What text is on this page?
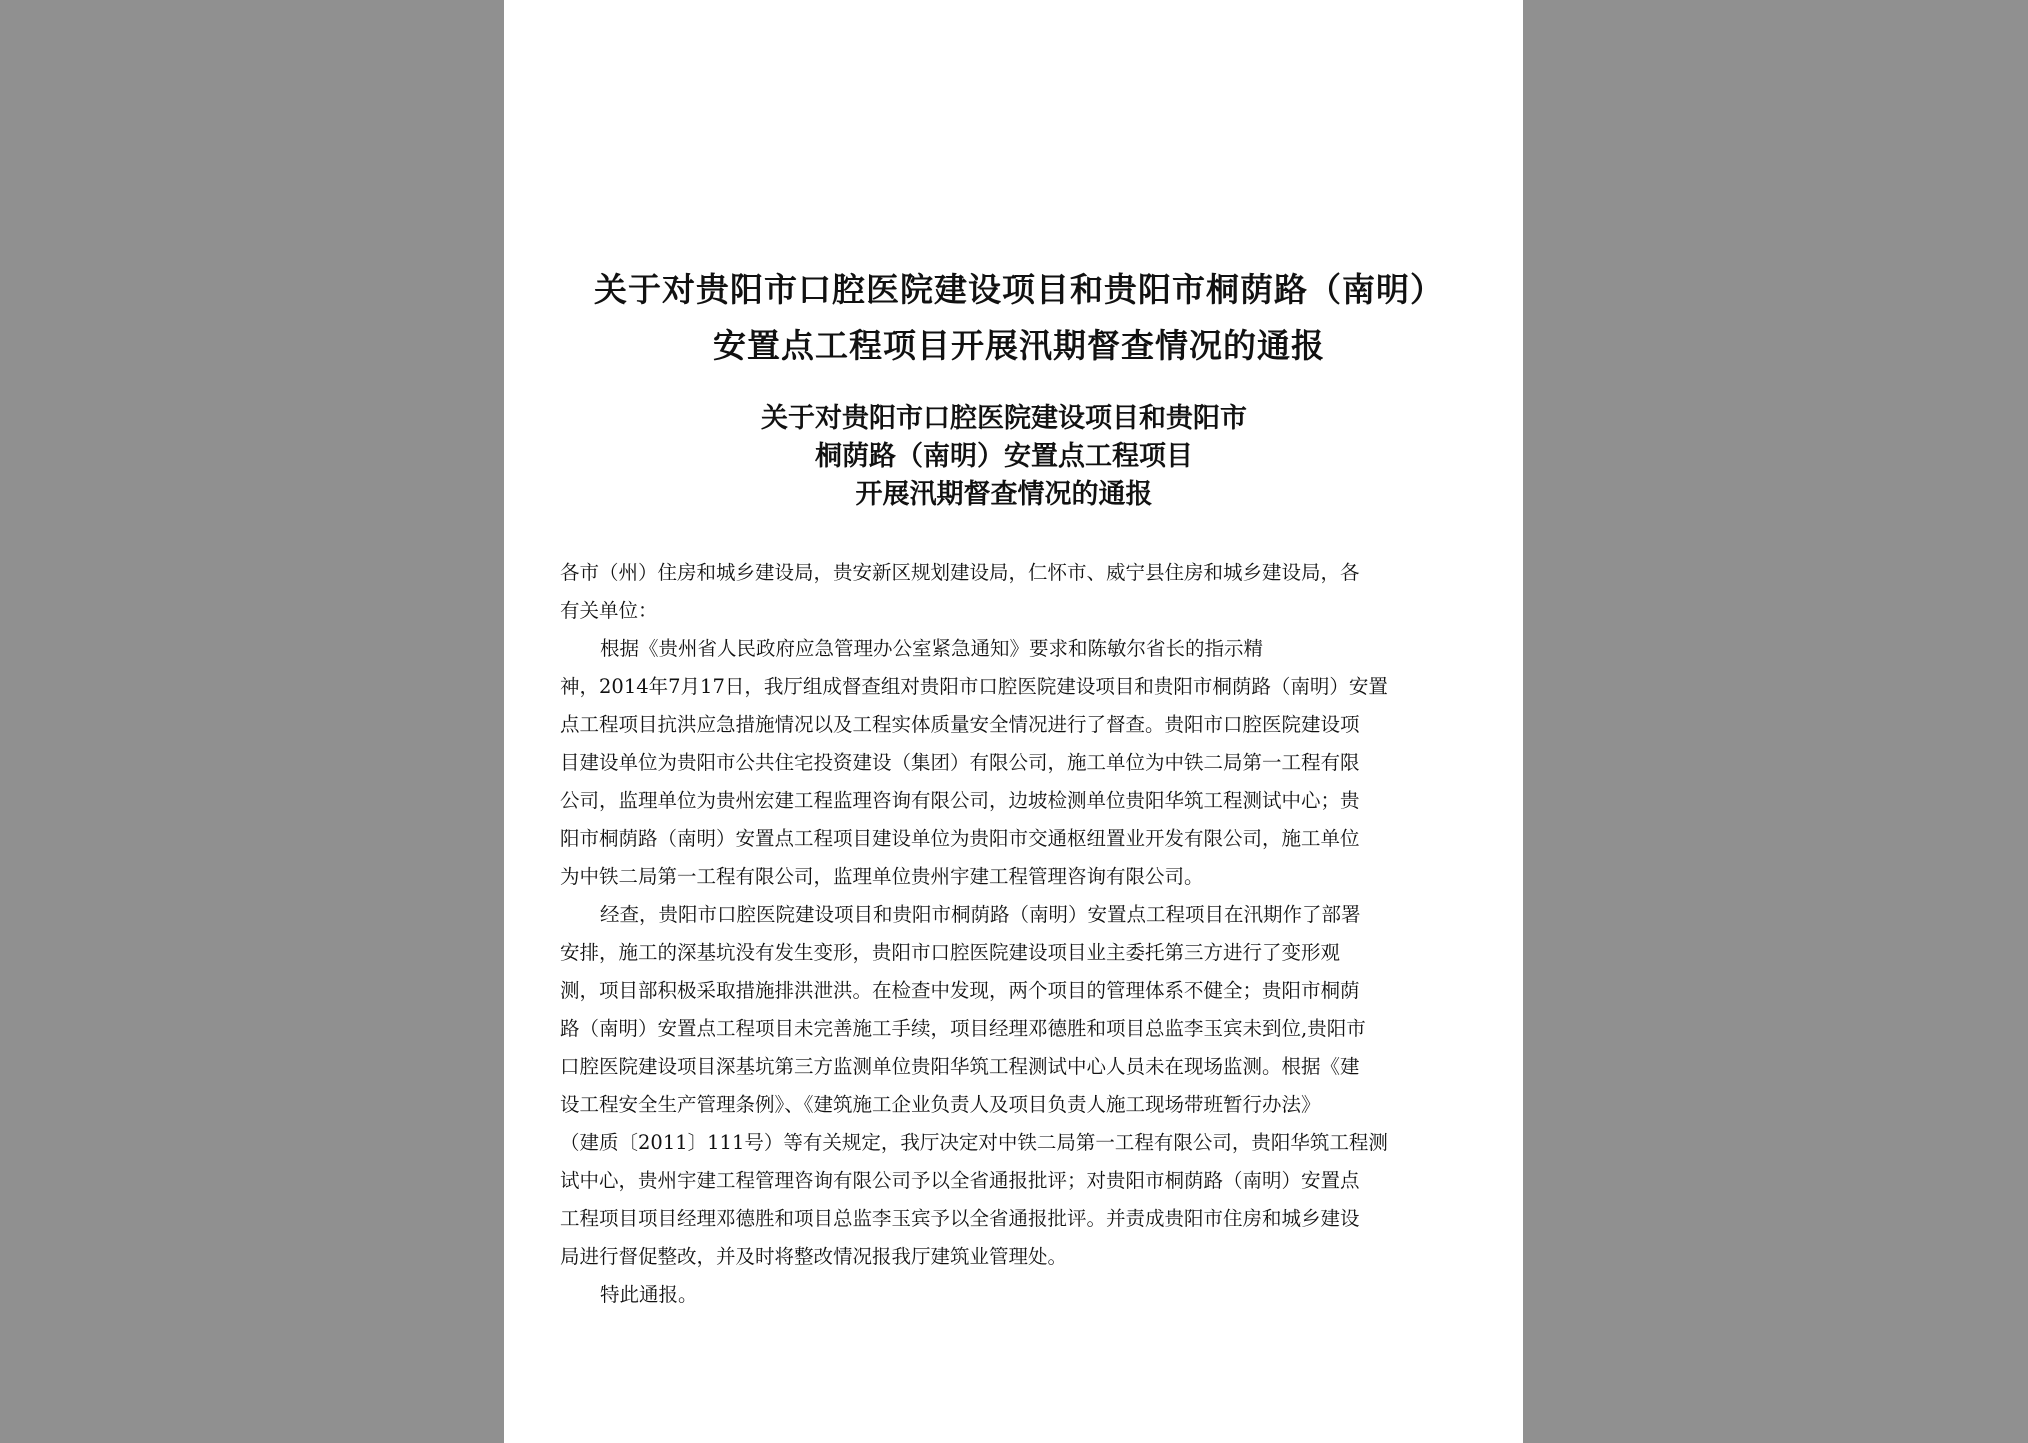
关于对贵阳市口腔医院建设项目和贵阳市桐荫路（南明）安置点工程项目开展汛期督查情况的通报
关于对贵阳市口腔医院建设项目和贵阳市
桐荫路（南明）安置点工程项目
开展汛期督查情况的通报
各市（州）住房和城乡建设局，贵安新区规划建设局，仁怀市、威宁县住房和城乡建设局，各
有关单位：
根据《贵州省人民政府应急管理办公室紧急通知》要求和陈敏尔省长的指示精
神，2014年7月17日，我厅组成督查组对贵阳市口腔医院建设项目和贵阳市桐荫路（南明）安置
点工程项目抗洪应急措施情况以及工程实体质量安全情况进行了督查。贵阳市口腔医院建设项
目建设单位为贵阳市公共住宅投资建设（集团）有限公司，施工单位为中铁二局第一工程有限
公司，监理单位为贵州宏建工程监理咨询有限公司，边坡检测单位贵阳华筑工程测试中心；贵
阳市桐荫路（南明）安置点工程项目建设单位为贵阳市交通枢纽置业开发有限公司，施工单位
为中铁二局第一工程有限公司，监理单位贵州宇建工程管理咨询有限公司。
经查，贵阳市口腔医院建设项目和贵阳市桐荫路（南明）安置点工程项目在汛期作了部署
安排，施工的深基坑没有发生变形，贵阳市口腔医院建设项目业主委托第三方进行了变形观
测，项目部积极采取措施排洪泄洪。在检查中发现，两个项目的管理体系不健全；贵阳市桐荫
路（南明）安置点工程项目未完善施工手续，项目经理邓德胜和项目总监李玉宾未到位,贵阳市
口腔医院建设项目深基坑第三方监测单位贵阳华筑工程测试中心人员未在现场监测。根据《建
设工程安全生产管理条例》、《建筑施工企业负责人及项目负责人施工现场带班暂行办法》
（建质〔2011〕111号）等有关规定，我厅决定对中铁二局第一工程有限公司，贵阳华筑工程测
试中心，贵州宇建工程管理咨询有限公司予以全省通报批评；对贵阳市桐荫路（南明）安置点
工程项目项目经理邓德胜和项目总监李玉宾予以全省通报批评。并责成贵阳市住房和城乡建设
局进行督促整改，并及时将整改情况报我厅建筑业管理处。
特此通报。
